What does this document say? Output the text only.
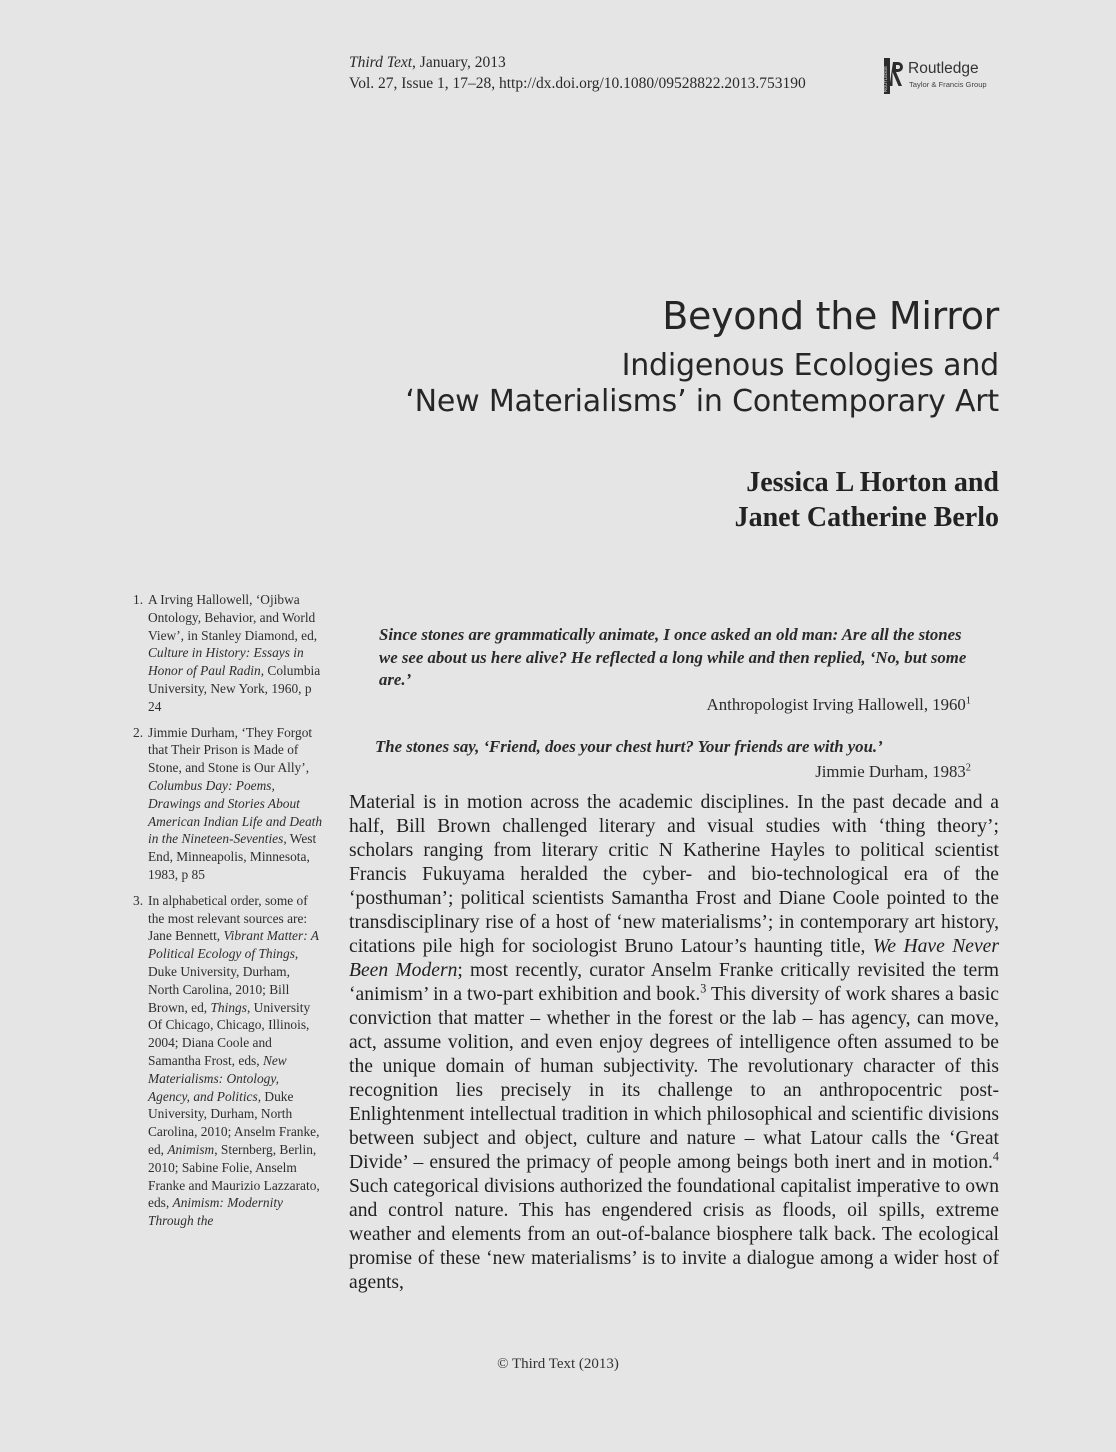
Third Text, January, 2013
Vol. 27, Issue 1, 17–28, http://dx.doi.org/10.1080/09528822.2013.753190	ROUTLEDGE Routledge
Taylor & Francis Group
Beyond the Mirror
Indigenous Ecologies and
‘New Materialisms’ in Contemporary Art
Jessica L Horton and
Janet Catherine Berlo
1. A Irving Hallowell, ‘Ojibwa Ontology, Behavior, and World View’, in Stanley Diamond, ed, Culture in History: Essays in Honor of Paul Radin, Columbia University, New York, 1960, p 24
2. Jimmie Durham, ‘They Forgot that Their Prison is Made of Stone, and Stone is Our Ally’, Columbus Day: Poems, Drawings and Stories About American Indian Life and Death in the Nineteen-Seventies, West End, Minneapolis, Minnesota, 1983, p 85
3. In alphabetical order, some of the most relevant sources are: Jane Bennett, Vibrant Matter: A Political Ecology of Things, Duke University, Durham, North Carolina, 2010; Bill Brown, ed, Things, University Of Chicago, Chicago, Illinois, 2004; Diana Coole and Samantha Frost, eds, New Materialisms: Ontology, Agency, and Politics, Duke University, Durham, North Carolina, 2010; Anselm Franke, ed, Animism, Sternberg, Berlin, 2010; Sabine Folie, Anselm Franke and Maurizio Lazzarato, eds, Animism: Modernity Through the
Since stones are grammatically animate, I once asked an old man: Are all the stones we see about us here alive? He reflected a long while and then replied, ‘No, but some are.’
Anthropologist Irving Hallowell, 1960$^1$
The stones say, ‘Friend, does your chest hurt? Your friends are with you.’
Jimmie Durham, 1983$^2$
Material is in motion across the academic disciplines. In the past decade and a half, Bill Brown challenged literary and visual studies with ‘thing theory’; scholars ranging from literary critic N Katherine Hayles to political scientist Francis Fukuyama heralded the cyber- and bio-technological era of the ‘posthuman’; political scientists Samantha Frost and Diane Coole pointed to the transdisciplinary rise of a host of ‘new materialisms’; in contemporary art history, citations pile high for sociologist Bruno Latour’s haunting title, We Have Never Been Modern; most recently, curator Anselm Franke critically revisited the term ‘animism’ in a two-part exhibition and book.$^3$ This diversity of work shares a basic conviction that matter – whether in the forest or the lab – has agency, can move, act, assume volition, and even enjoy degrees of intelligence often assumed to be the unique domain of human subjectivity. The revolutionary character of this recognition lies precisely in its challenge to an anthropocentric post-Enlightenment intellectual tradition in which philosophical and scientific divisions between subject and object, culture and nature – what Latour calls the ‘Great Divide’ – ensured the primacy of people among beings both inert and in motion.$^4$ Such categorical divisions authorized the foundational capitalist imperative to own and control nature. This has engendered crisis as floods, oil spills, extreme weather and elements from an out-of-balance biosphere talk back. The ecological promise of these ‘new materialisms’ is to invite a dialogue among a wider host of agents,
© Third Text (2013)
